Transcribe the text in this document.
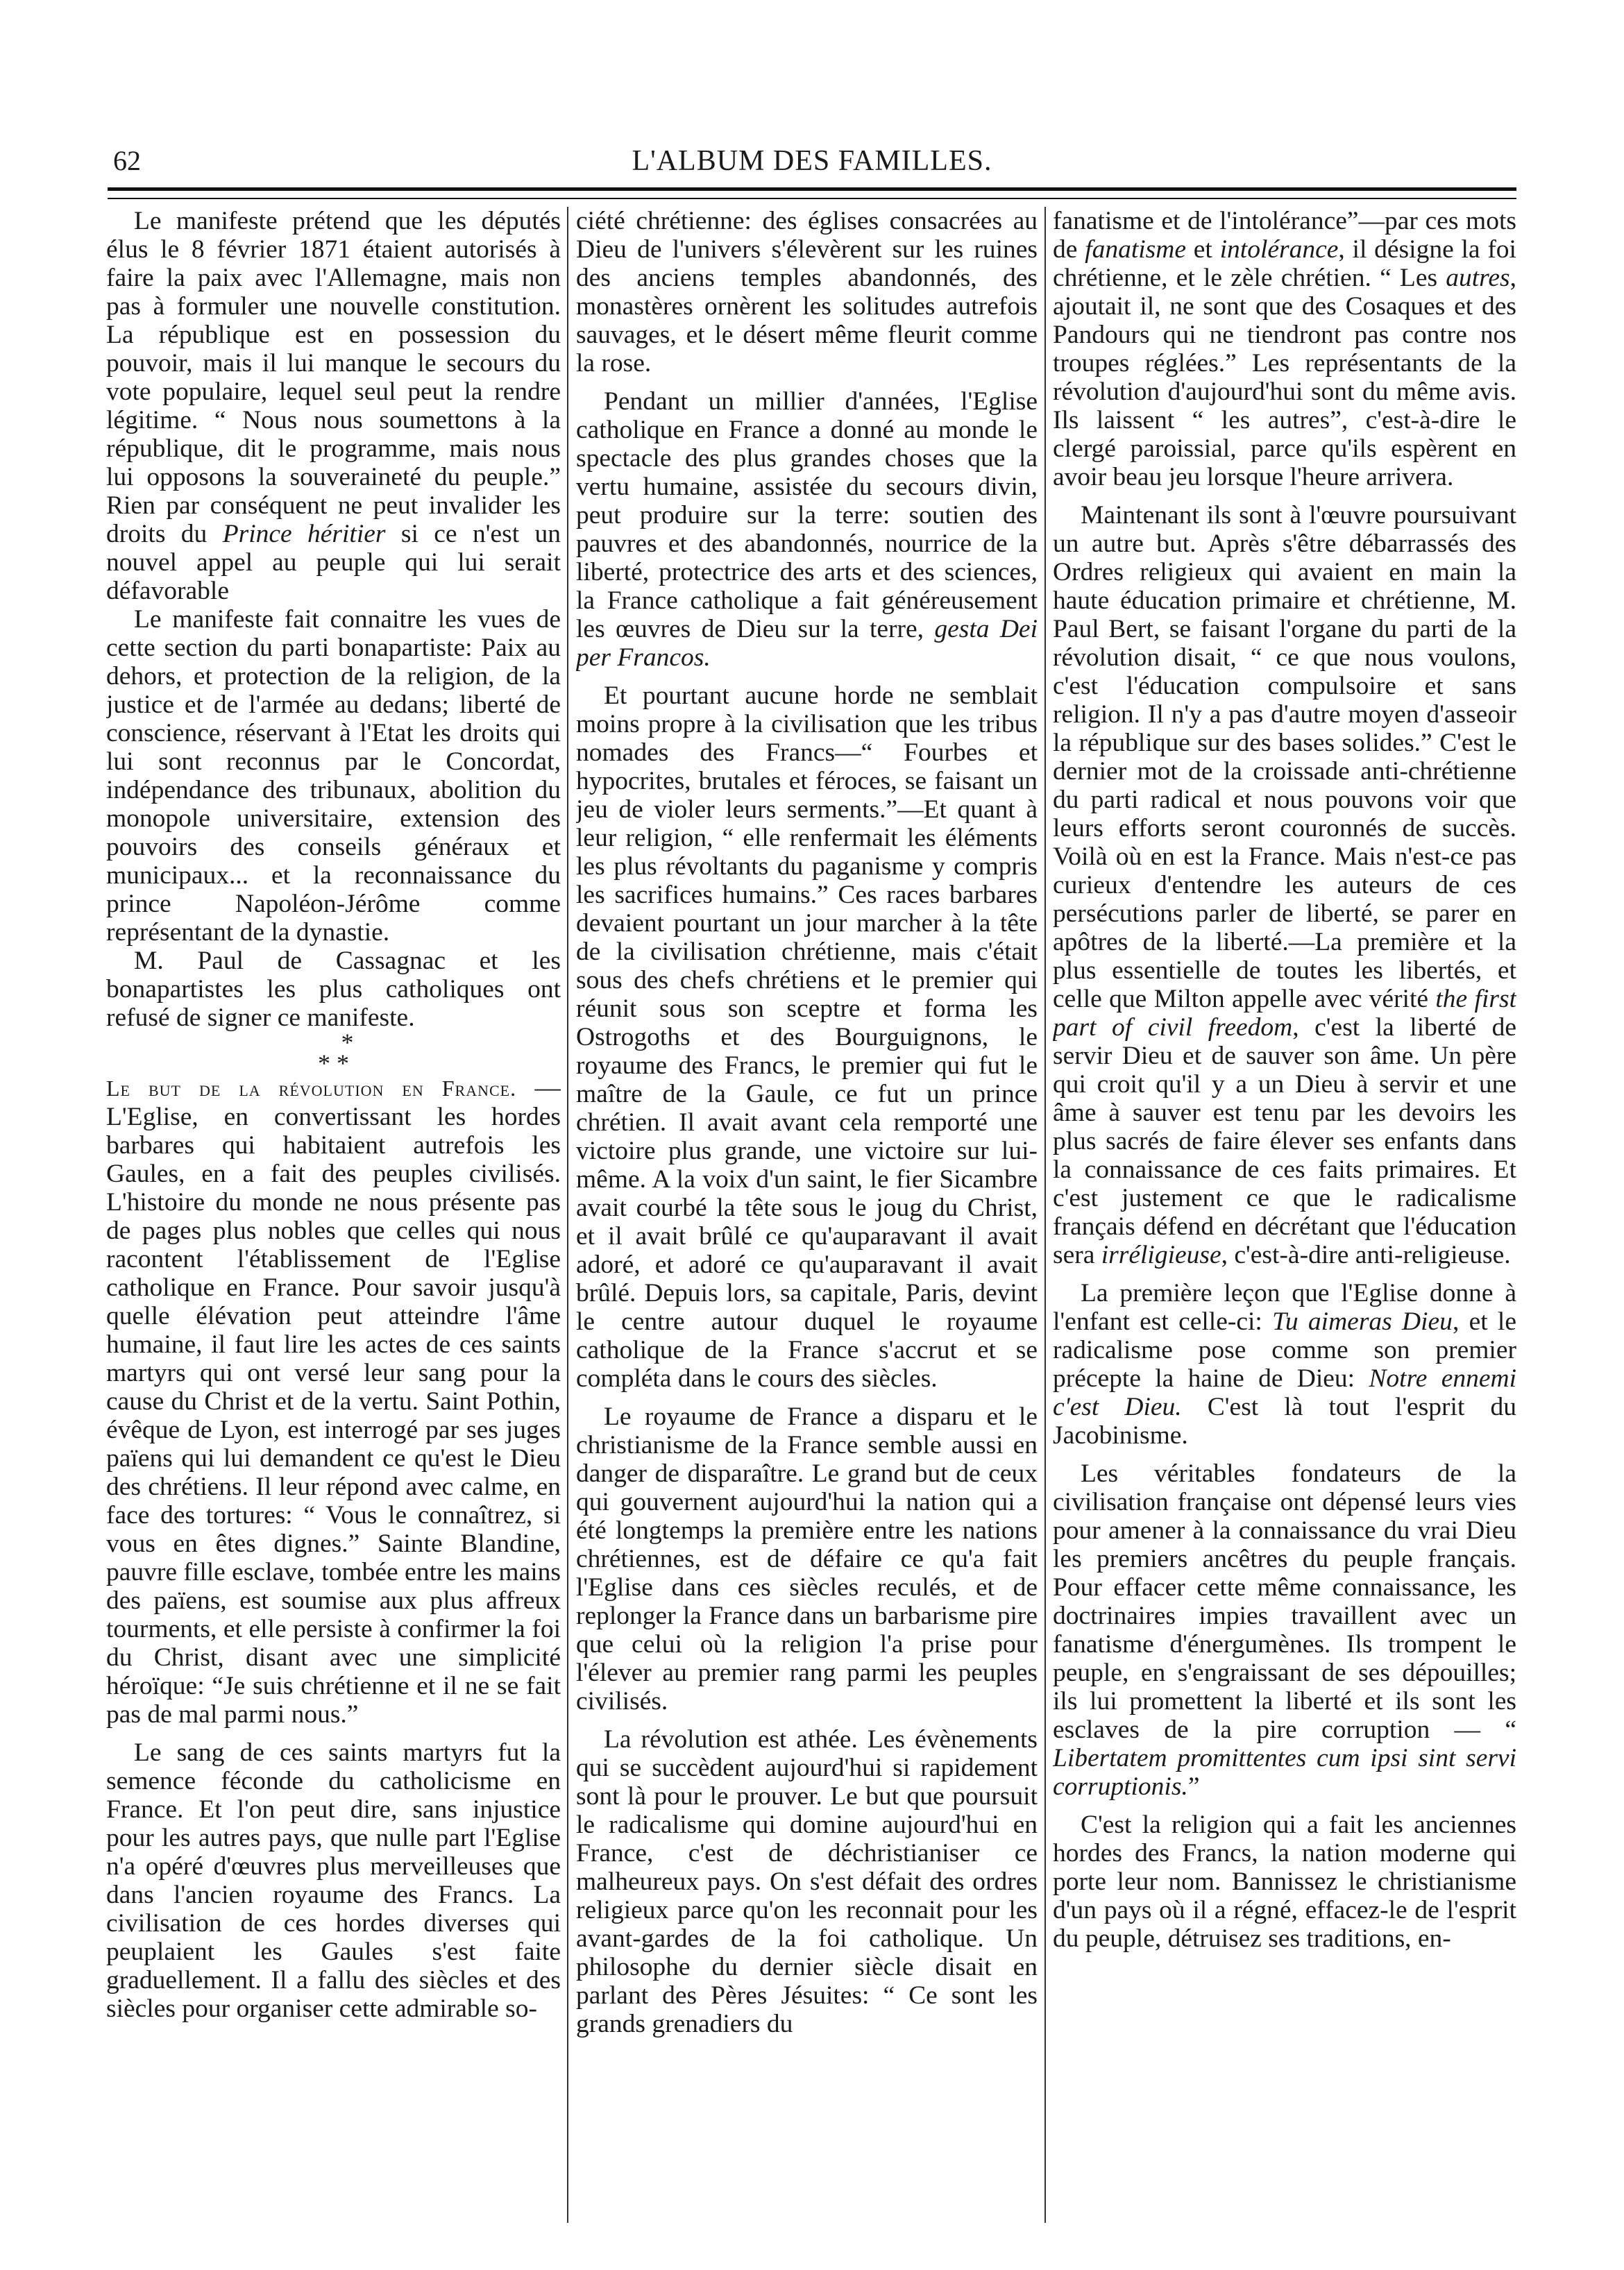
62	L'ALBUM DES FAMILLES.

Le manifeste prétend que les députés élus le 8 février 1871 étaient autorisés à faire la paix avec l'Allemagne, mais non pas à formuler une nouvelle constitution. La république est en possession du pouvoir, mais il lui manque le secours du vote populaire, lequel seul peut la rendre légitime. “ Nous nous soumettons à la république, dit le programme, mais nous lui opposons la souveraineté du peuple.” Rien par conséquent ne peut invalider les droits du Prince héritier si ce n'est un nouvel appel au peuple qui lui serait défavorable

Le manifeste fait connaitre les vues de cette section du parti bonapartiste: Paix au dehors, et protection de la religion, de la justice et de l'armée au dedans; liberté de conscience, réservant à l'Etat les droits qui lui sont reconnus par le Concordat, indépendance des tribunaux, abolition du monopole universitaire, extension des pouvoirs des conseils généraux et municipaux... et la reconnaissance du prince Napoléon-Jérôme comme représentant de la dynastie.

M. Paul de Cassagnac et les bonapartistes les plus catholiques ont refusé de signer ce manifeste.

*
* *

Le but de la révolution en France. —L'Eglise, en convertissant les hordes barbares qui habitaient autrefois les Gaules, en a fait des peuples civilisés. L'histoire du monde ne nous présente pas de pages plus nobles que celles qui nous racontent l'établissement de l'Eglise catholique en France. Pour savoir jusqu'à quelle élévation peut atteindre l'âme humaine, il faut lire les actes de ces saints martyrs qui ont versé leur sang pour la cause du Christ et de la vertu. Saint Pothin, évêque de Lyon, est interrogé par ses juges païens qui lui demandent ce qu'est le Dieu des chrétiens. Il leur répond avec calme, en face des tortures: “ Vous le connaîtrez, si vous en êtes dignes.” Sainte Blandine, pauvre fille esclave, tombée entre les mains des païens, est soumise aux plus affreux tourments, et elle persiste à confirmer la foi du Christ, disant avec une simplicité héroïque: “Je suis chrétienne et il ne se fait pas de mal parmi nous.”

Le sang de ces saints martyrs fut la semence féconde du catholicisme en France. Et l'on peut dire, sans injustice pour les autres pays, que nulle part l'Eglise n'a opéré d'œuvres plus merveilleuses que dans l'ancien royaume des Francs. La civilisation de ces hordes diverses qui peuplaient les Gaules s'est faite graduellement. Il a fallu des siècles et des siècles pour organiser cette admirable so-

ciété chrétienne: des églises consacrées au Dieu de l'univers s'élevèrent sur les ruines des anciens temples abandonnés, des monastères ornèrent les solitudes autrefois sauvages, et le désert même fleurit comme la rose.

Pendant un millier d'années, l'Eglise catholique en France a donné au monde le spectacle des plus grandes choses que la vertu humaine, assistée du secours divin, peut produire sur la terre: soutien des pauvres et des abandonnés, nourrice de la liberté, protectrice des arts et des sciences, la France catholique a fait généreusement les œuvres de Dieu sur la terre, gesta Dei per Francos.

Et pourtant aucune horde ne semblait moins propre à la civilisation que les tribus nomades des Francs—“ Fourbes et hypocrites, brutales et féroces, se faisant un jeu de violer leurs serments.”—Et quant à leur religion, “ elle renfermait les éléments les plus révoltants du paganisme y compris les sacrifices humains.” Ces races barbares devaient pourtant un jour marcher à la tête de la civilisation chrétienne, mais c'était sous des chefs chrétiens et le premier qui réunit sous son sceptre et forma les Ostrogoths et des Bourguignons, le royaume des Francs, le premier qui fut le maître de la Gaule, ce fut un prince chrétien. Il avait avant cela remporté une victoire plus grande, une victoire sur lui-même. A la voix d'un saint, le fier Sicambre avait courbé la tête sous le joug du Christ, et il avait brûlé ce qu'auparavant il avait adoré, et adoré ce qu'auparavant il avait brûlé. Depuis lors, sa capitale, Paris, devint le centre autour duquel le royaume catholique de la France s'accrut et se compléta dans le cours des siècles.

Le royaume de France a disparu et le christianisme de la France semble aussi en danger de disparaître. Le grand but de ceux qui gouvernent aujourd'hui la nation qui a été longtemps la première entre les nations chrétiennes, est de défaire ce qu'a fait l'Eglise dans ces siècles reculés, et de replonger la France dans un barbarisme pire que celui où la religion l'a prise pour l'élever au premier rang parmi les peuples civilisés.

La révolution est athée. Les évènements qui se succèdent aujourd'hui si rapidement sont là pour le prouver. Le but que poursuit le radicalisme qui domine aujourd'hui en France, c'est de déchristianiser ce malheureux pays. On s'est défait des ordres religieux parce qu'on les reconnait pour les avant-gardes de la foi catholique. Un philosophe du dernier siècle disait en parlant des Pères Jésuites: “ Ce sont les grands grenadiers du

fanatisme et de l'intolérance”—par ces mots de fanatisme et intolérance, il désigne la foi chrétienne, et le zèle chrétien. “ Les autres, ajoutait il, ne sont que des Cosaques et des Pandours qui ne tiendront pas contre nos troupes réglées.” Les représentants de la révolution d'aujourd'hui sont du même avis. Ils laissent “ les autres”, c'est-à-dire le clergé paroissial, parce qu'ils espèrent en avoir beau jeu lorsque l'heure arrivera.

Maintenant ils sont à l'œuvre poursuivant un autre but. Après s'être débarrassés des Ordres religieux qui avaient en main la haute éducation primaire et chrétienne, M. Paul Bert, se faisant l'organe du parti de la révolution disait, “ ce que nous voulons, c'est l'éducation compulsoire et sans religion. Il n'y a pas d'autre moyen d'asseoir la république sur des bases solides.” C'est le dernier mot de la croissade anti-chrétienne du parti radical et nous pouvons voir que leurs efforts seront couronnés de succès. Voilà où en est la France. Mais n'est-ce pas curieux d'entendre les auteurs de ces persécutions parler de liberté, se parer en apôtres de la liberté.—La première et la plus essentielle de toutes les libertés, et celle que Milton appelle avec vérité the first part of civil freedom, c'est la liberté de servir Dieu et de sauver son âme. Un père qui croit qu'il y a un Dieu à servir et une âme à sauver est tenu par les devoirs les plus sacrés de faire élever ses enfants dans la connaissance de ces faits primaires. Et c'est justement ce que le radicalisme français défend en décrétant que l'éducation sera irréligieuse, c'est-à-dire anti-religieuse.

La première leçon que l'Eglise donne à l'enfant est celle-ci: Tu aimeras Dieu, et le radicalisme pose comme son premier précepte la haine de Dieu: Notre ennemi c'est Dieu. C'est là tout l'esprit du Jacobinisme.

Les véritables fondateurs de la civilisation française ont dépensé leurs vies pour amener à la connaissance du vrai Dieu les premiers ancêtres du peuple français. Pour effacer cette même connaissance, les doctrinaires impies travaillent avec un fanatisme d'énergumènes. Ils trompent le peuple, en s'engraissant de ses dépouilles; ils lui promettent la liberté et ils sont les esclaves de la pire corruption — “ Libertatem promittentes cum ipsi sint servi corruptionis.”

C'est la religion qui a fait les anciennes hordes des Francs, la nation moderne qui porte leur nom. Bannissez le christianisme d'un pays où il a régné, effacez-le de l'esprit du peuple, détruisez ses traditions, en-
